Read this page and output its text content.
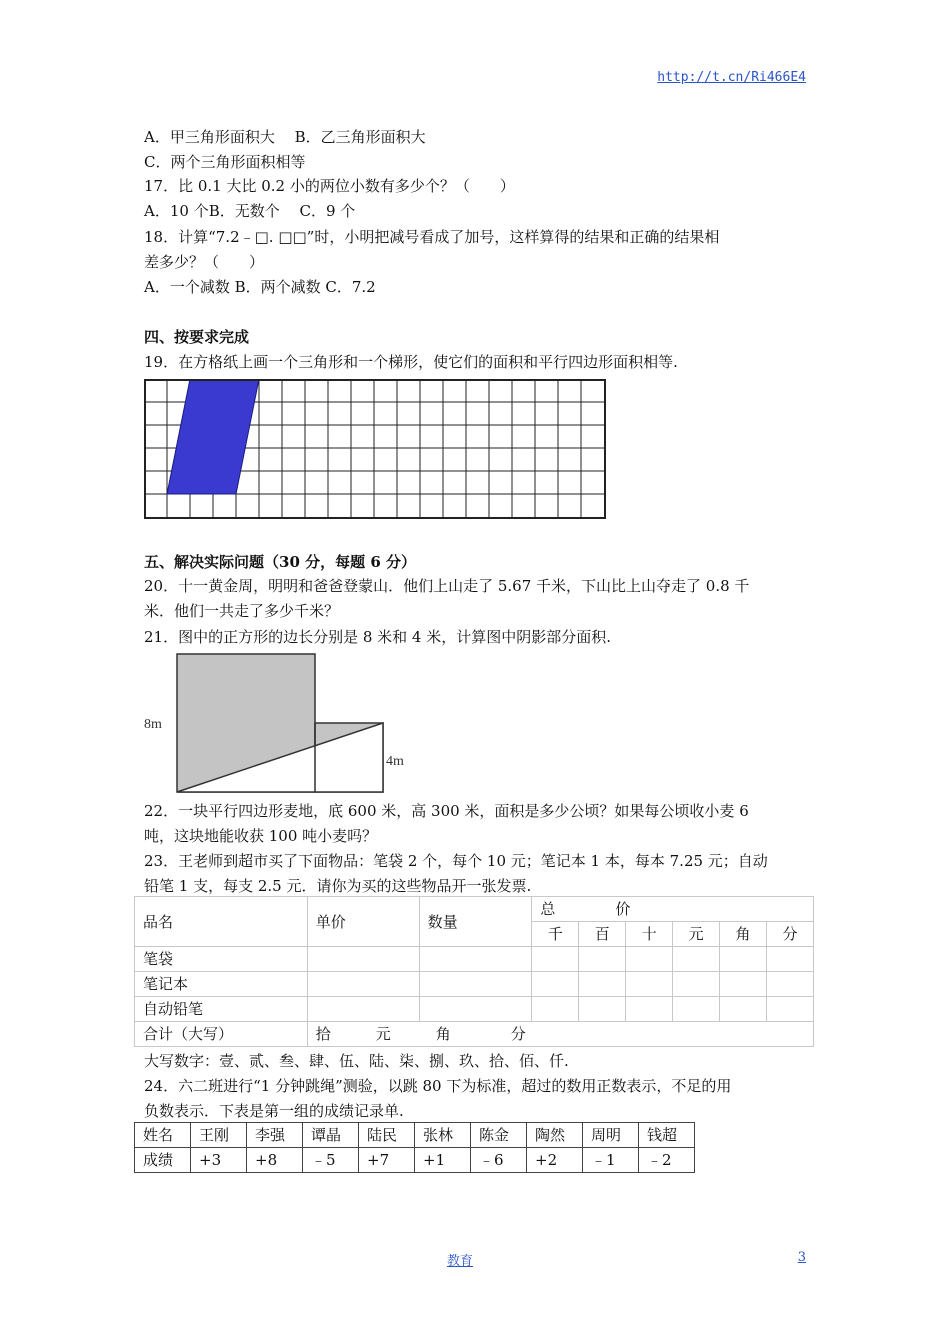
http://t.cn/Ri466E4
A．甲三角形面积大　 B．乙三角形面积大
C．两个三角形面积相等
17．比 0.1 大比 0.2 小的两位小数有多少个？（　　）
A．10 个B．无数个　 C．9 个
18．计算“7.2﹣□. □□”时，小明把减号看成了加号，这样算得的结果和正确的结果相
差多少？（　　）
A．一个减数 B．两个减数 C．7.2
四、按要求完成
19．在方格纸上画一个三角形和一个梯形，使它们的面积和平行四边形面积相等.
五、解决实际问题（30 分，每题 6 分）
20．十一黄金周，明明和爸爸登蒙山．他们上山走了 5.67 千米，下山比上山夺走了 0.8 千
米．他们一共走了多少千米？
21．图中的正方形的边长分别是 8 米和 4 米，计算图中阴影部分面积.
8m
4m
22．一块平行四边形麦地，底 600 米，高 300 米，面积是多少公顷？如果每公顷收小麦 6
吨，这块地能收获 100 吨小麦吗？
23．王老师到超市买了下面物品：笔袋 2 个，每个 10 元；笔记本 1 本，每本 7.25 元；自动
铅笔 1 支，每支 2.5 元．请你为买的这些物品开一张发票.
品名	单价	数量	总　　　　价					
			千	百	十	元	角	分
笔袋								
笔记本								
自动铅笔								
合计（大写）	拾　　　元　　　角　　　　分							
大写数字：壹、贰、叁、肆、伍、陆、柒、捌、玖、拾、佰、仟.
24．六二班进行“1 分钟跳绳”测验，以跳 80 下为标准，超过的数用正数表示，不足的用
负数表示．下表是第一组的成绩记录单.
姓名	王刚	李强	谭晶	陆民	张林	陈金	陶然	周明	钱超
成绩	+3	+8	﹣5	+7	+1	﹣6	+2	﹣1	﹣2
教育	3
